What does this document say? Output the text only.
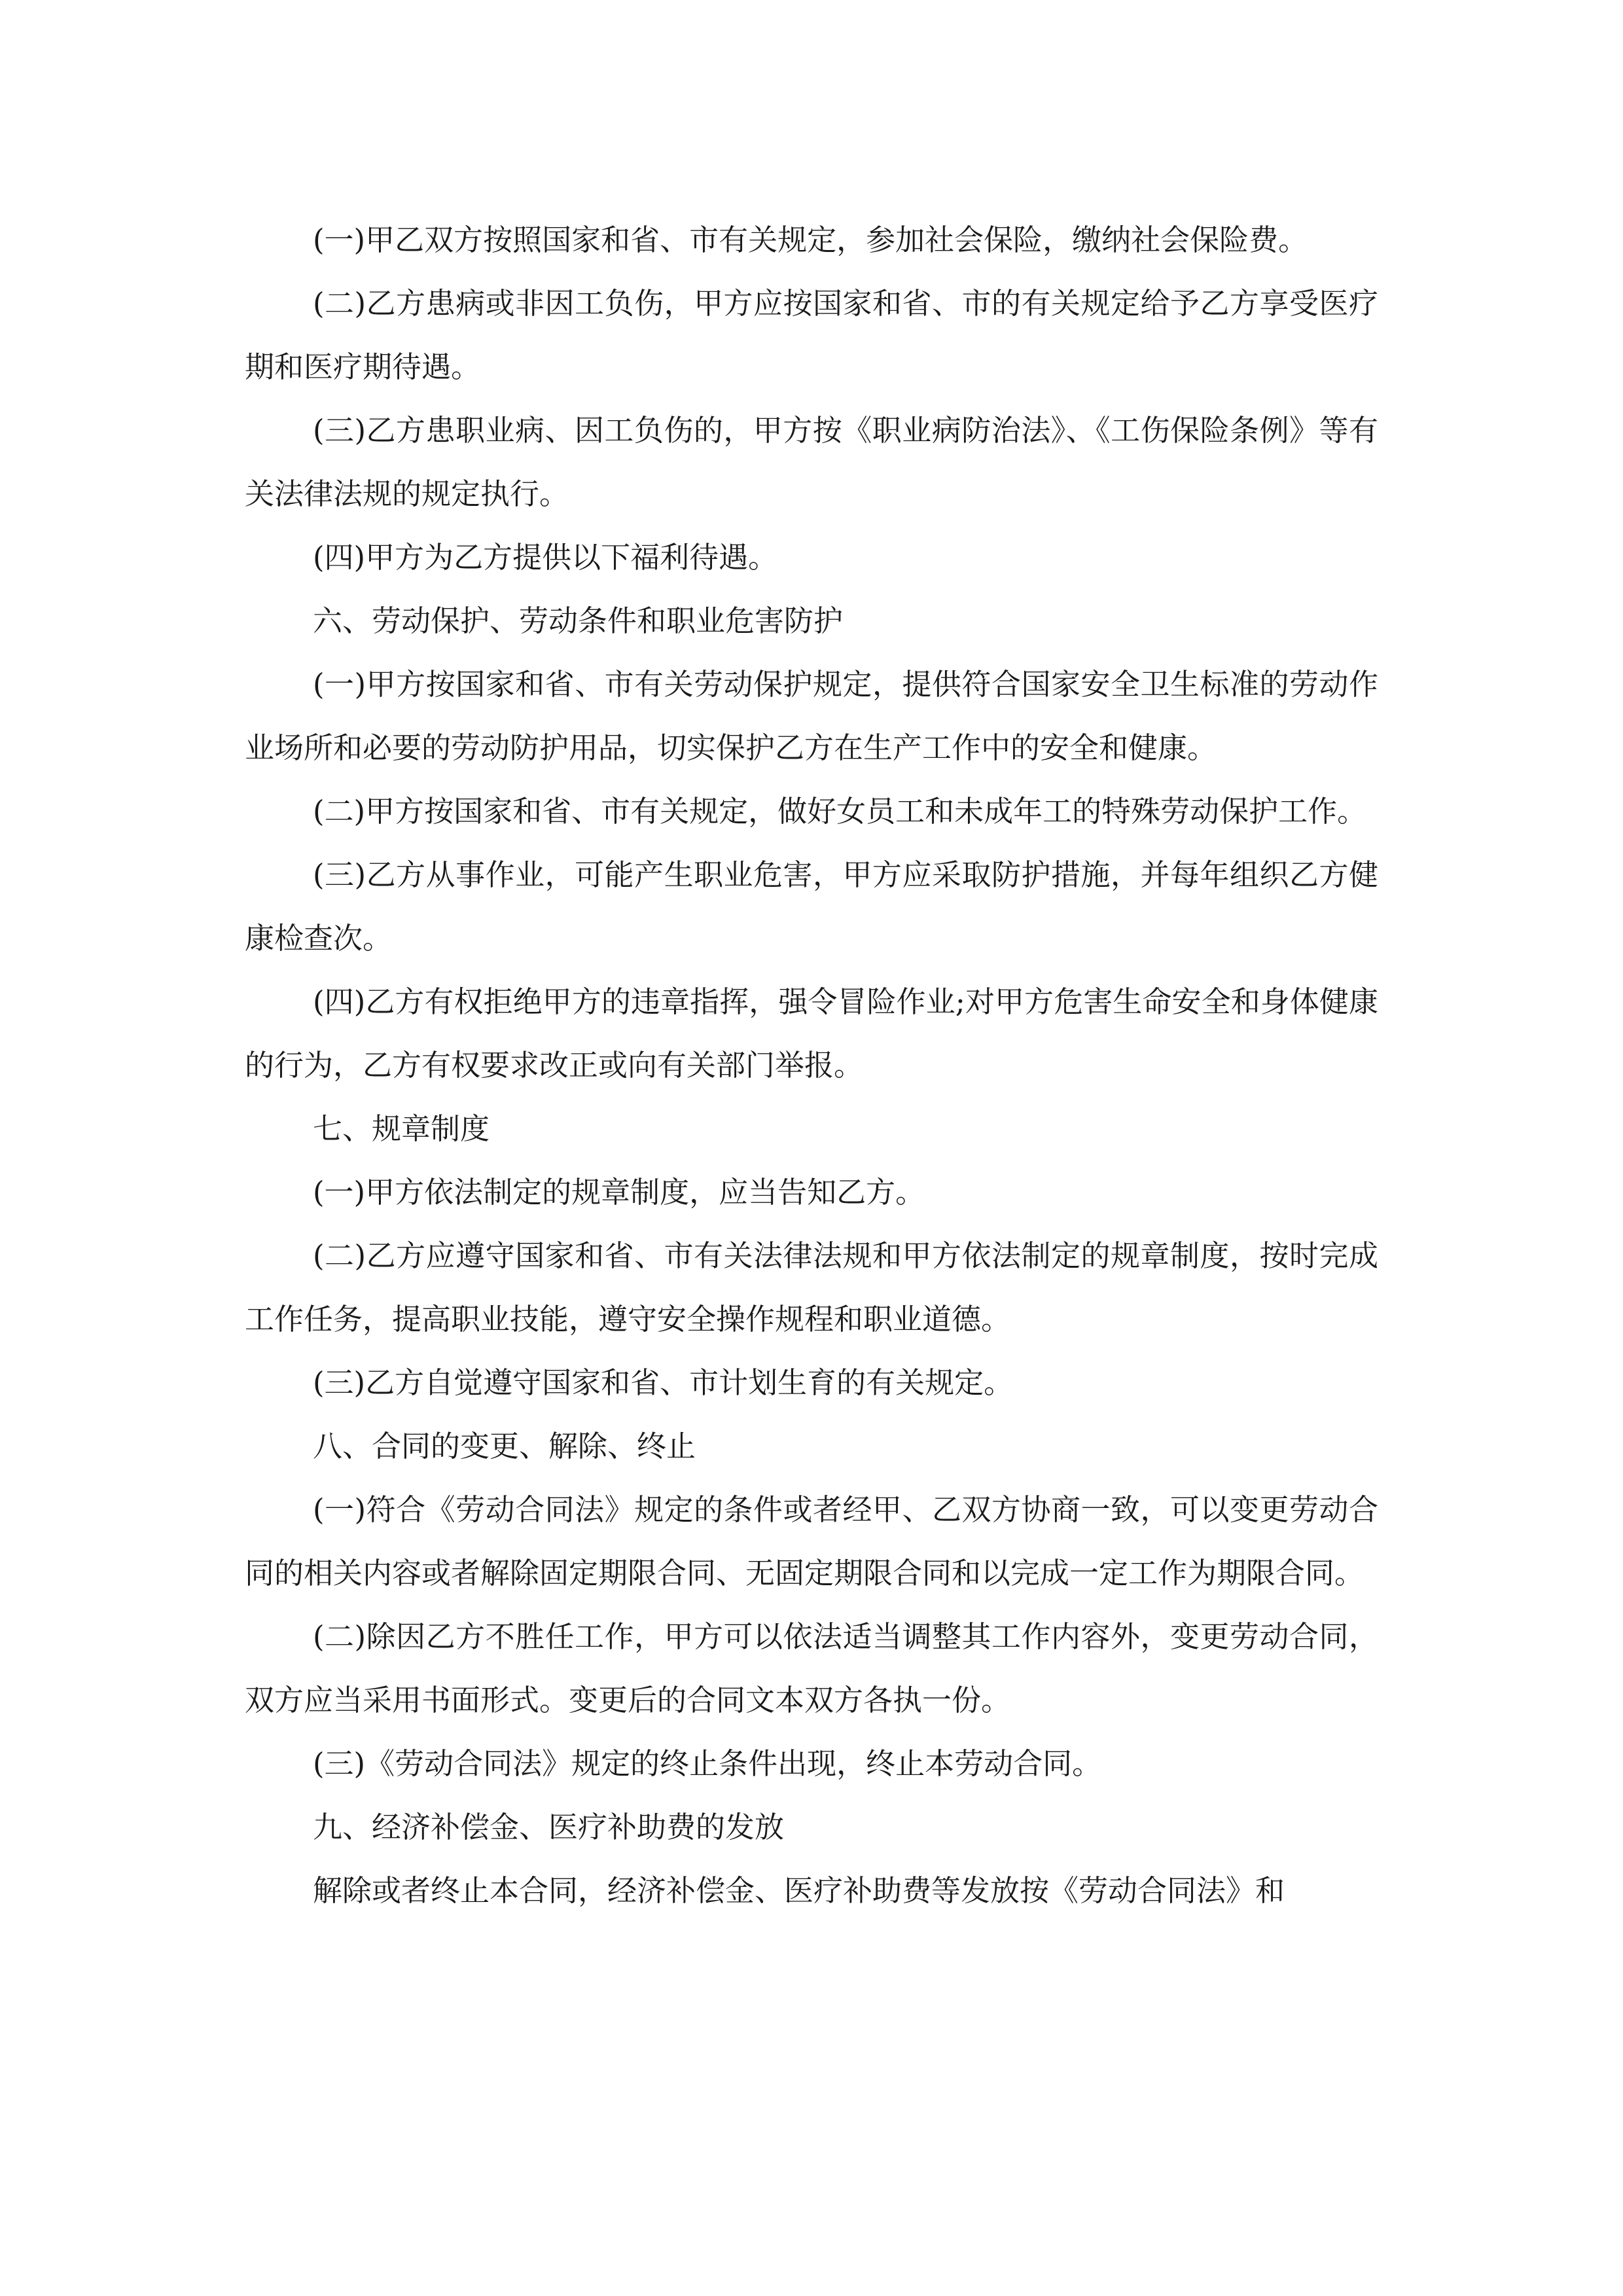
(一)甲乙双方按照国家和省、市有关规定，参加社会保险，缴纳社会保险费。

(二)乙方患病或非因工负伤，甲方应按国家和省、市的有关规定给予乙方享受医疗期和医疗期待遇。

(三)乙方患职业病、因工负伤的，甲方按《职业病防治法》、《工伤保险条例》等有关法律法规的规定执行。

(四)甲方为乙方提供以下福利待遇。

六、劳动保护、劳动条件和职业危害防护

(一)甲方按国家和省、市有关劳动保护规定，提供符合国家安全卫生标准的劳动作业场所和必要的劳动防护用品，切实保护乙方在生产工作中的安全和健康。

(二)甲方按国家和省、市有关规定，做好女员工和未成年工的特殊劳动保护工作。

(三)乙方从事作业，可能产生职业危害，甲方应采取防护措施，并每年组织乙方健康检查次。

(四)乙方有权拒绝甲方的违章指挥，强令冒险作业;对甲方危害生命安全和身体健康的行为，乙方有权要求改正或向有关部门举报。

七、规章制度

(一)甲方依法制定的规章制度，应当告知乙方。

(二)乙方应遵守国家和省、市有关法律法规和甲方依法制定的规章制度，按时完成工作任务，提高职业技能，遵守安全操作规程和职业道德。

(三)乙方自觉遵守国家和省、市计划生育的有关规定。

八、合同的变更、解除、终止

(一)符合《劳动合同法》规定的条件或者经甲、乙双方协商一致，可以变更劳动合同的相关内容或者解除固定期限合同、无固定期限合同和以完成一定工作为期限合同。

(二)除因乙方不胜任工作，甲方可以依法适当调整其工作内容外，变更劳动合同，双方应当采用书面形式。变更后的合同文本双方各执一份。

(三)《劳动合同法》规定的终止条件出现，终止本劳动合同。

九、经济补偿金、医疗补助费的发放

解除或者终止本合同，经济补偿金、医疗补助费等发放按《劳动合同法》和
